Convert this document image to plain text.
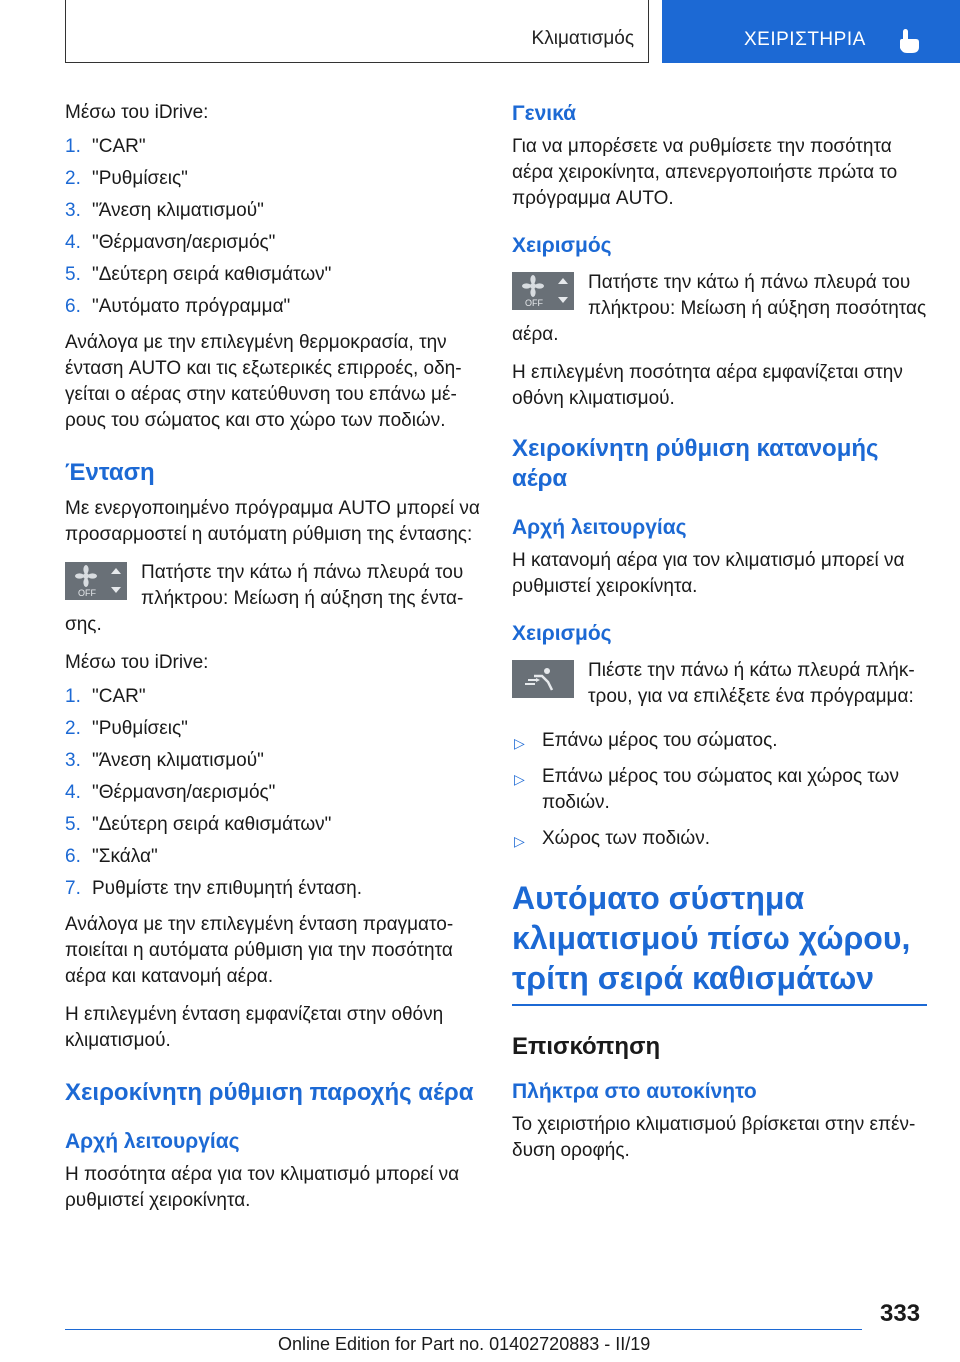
Κλιματισμός	ΧΕΙΡΙΣΤΗΡΙΑ

Μέσω του iDrive:

1. "CAR"
2. "Ρυθμίσεις"
3. "Άνεση κλιματισμού"
4. "Θέρμανση/αερισμός"
5. "Δεύτερη σειρά καθισμάτων"
6. "Αυτόματο πρόγραμμα"

Ανάλογα με την επιλεγμένη θερμοκρασία, την ένταση AUTO και τις εξωτερικές επιρροές, οδηγείται ο αέρας στην κατεύθυνση του επάνω μέρους του σώματος και στο χώρο των ποδιών.

Ένταση

Με ενεργοποιημένο πρόγραμμα AUTO μπορεί να προσαρμοστεί η αυτόματη ρύθμιση της έντασης:

OFF

Πατήστε την κάτω ή πάνω πλευρά του πλήκτρου: Μείωση ή αύξηση της έντασης.

Μέσω του iDrive:

1. "CAR"
2. "Ρυθμίσεις"
3. "Άνεση κλιματισμού"
4. "Θέρμανση/αερισμός"
5. "Δεύτερη σειρά καθισμάτων"
6. "Σκάλα"
7. Ρυθμίστε την επιθυμητή ένταση.

Ανάλογα με την επιλεγμένη ένταση πραγματοποιείται η αυτόματα ρύθμιση για την ποσότητα αέρα και κατανομή αέρα.

Η επιλεγμένη ένταση εμφανίζεται στην οθόνη κλιματισμού.

Χειροκίνητη ρύθμιση παροχής αέρα
Αρχή λειτουργίας

Η ποσότητα αέρα για τον κλιματισμό μπορεί να ρυθμιστεί χειροκίνητα.

Γενικά

Για να μπορέσετε να ρυθμίσετε την ποσότητα αέρα χειροκίνητα, απενεργοποιήστε πρώτα το πρόγραμμα AUTO.

Χειρισμός
OFF

Πατήστε την κάτω ή πάνω πλευρά του πλήκτρου: Μείωση ή αύξηση ποσότητας αέρα.

Η επιλεγμένη ποσότητα αέρα εμφανίζεται στην οθόνη κλιματισμού.

Χειροκίνητη ρύθμιση κατανομής αέρα
Αρχή λειτουργίας

Η κατανομή αέρα για τον κλιματισμό μπορεί να ρυθμιστεί χειροκίνητα.

Χειρισμός

Πιέστε την πάνω ή κάτω πλευρά πλήκτρου, για να επιλέξετε ένα πρόγραμμα:

▷ Επάνω μέρος του σώματος.
▷ Επάνω μέρος του σώματος και χώρος των ποδιών.
▷ Χώρος των ποδιών.
Αυτόματο σύστημα κλιματισμού πίσω χώρου, τρίτη σειρά καθισμάτων
Επισκόπηση
Πλήκτρα στο αυτοκίνητο

Το χειριστήριο κλιματισμού βρίσκεται στην επένδυση οροφής.

333
Online Edition for Part no. 01402720883 - II/19
